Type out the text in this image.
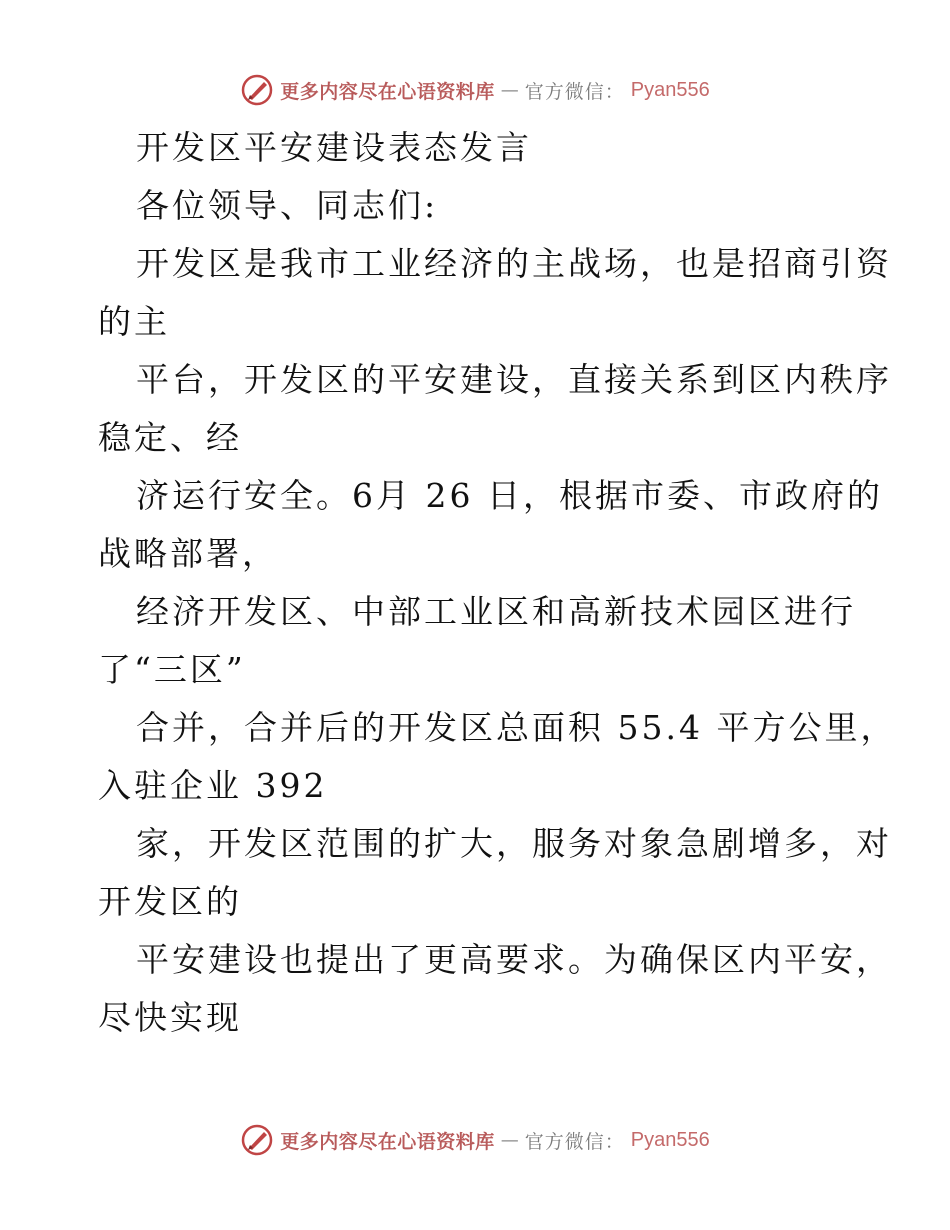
更多内容尽在心语资料库 — 官方微信： Pyan556
开发区平安建设表态发言
各位领导、同志们:
开发区是我市工业经济的主战场，也是招商引资
的主
平台，开发区的平安建设，直接关系到区内秩序
稳定、经
济运行安全。6月 26 日，根据市委、市政府的
战略部署，
经济开发区、中部工业区和高新技术园区进行
了“三区”
合并，合并后的开发区总面积 55.4 平方公里，
入驻企业 392
家，开发区范围的扩大，服务对象急剧增多，对
开发区的
平安建设也提出了更高要求。为确保区内平安，
尽快实现
更多内容尽在心语资料库 — 官方微信： Pyan556
